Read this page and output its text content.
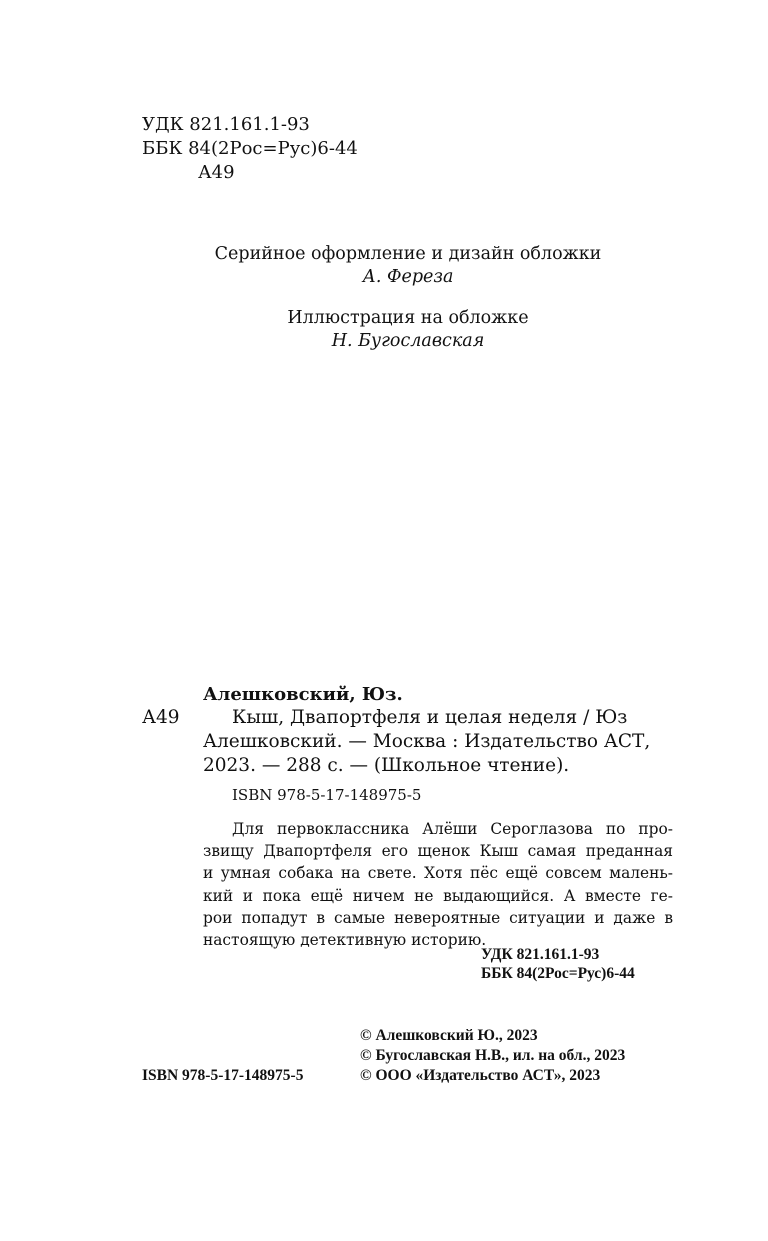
УДК 821.161.1-93
ББК 84(2Рос=Рус)6-44
А49
Серийное оформление и дизайн обложки
А. Фереза
Иллюстрация на обложке
Н. Бугославская
Алешковский, Юз.
А49	Кыш, Двапортфеля и целая неделя / Юз
Алешковский. — Москва : Издательство АСТ,
2023. — 288 с. — (Школьное чтение).
ISBN 978-5-17-148975-5
Для первоклассника Алёши Сероглазова по про-
звищу Двапортфеля его щенок Кыш самая преданная
и умная собака на свете. Хотя пёс ещё совсем малень-
кий и пока ещё ничем не выдающийся. А вместе ге-
рои попадут в самые невероятные ситуации и даже в
настоящую детективную историю.
УДК 821.161.1-93
ББК 84(2Рос=Рус)6-44
© Алешковский Ю., 2023
© Бугославская Н.В., ил. на обл., 2023
ISBN 978-5-17-148975-5	© ООО «Издательство АСТ», 2023
